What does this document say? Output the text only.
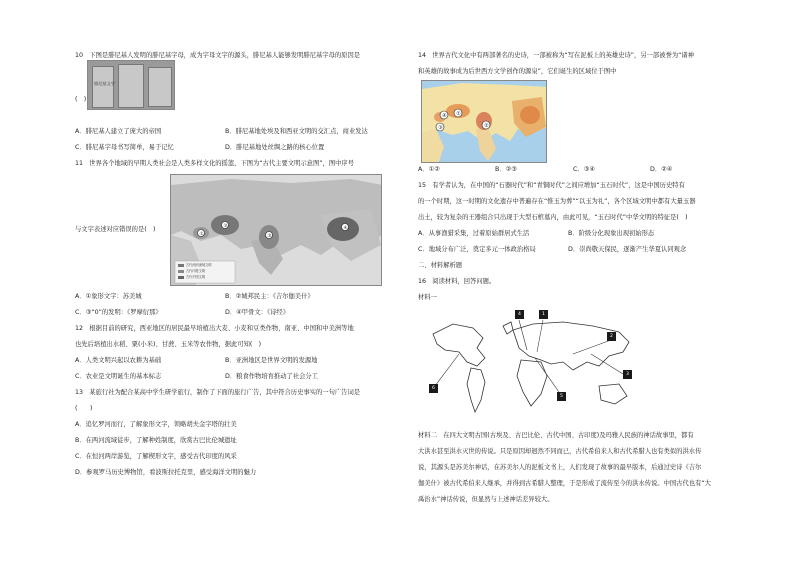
10　下图是腓尼基人发明的腓尼基字母，成为字母文字的源头，腓尼基人能够发明腓尼基字母的原因是
腓尼基文字
(　)
A．腓尼基人建立了庞大的帝国	B．腓尼基地处埃及和西亚文明的交汇点，商业发达
C．腓尼基字母书写简单，易于记忆	D．腓尼基地处丝绸之路的核心位置
11　世界各个地域的早期人类社会是人类多样文化的摇篮，下图为“古代主要文明示意图”，图中序号
③
②
④
①
古代两河流域文明
古代印度文明
古代中国文明
与文字表述对应错误的是(　)
A．①象形文字：苏美城	B．②城邦民主：《吉尔伽美什》
C．③“0”的发明：《罗摩衍那》	D．④甲骨文：《诗经》
12　根据目前的研究，西亚地区的居民最早培植出大麦、小麦和豆类作物，南亚、中国和中美洲等地
也先后培植出水稻、粟(小米)、甘蔗、玉米等农作物，据此可知(　)
A．人类文明兴起以农耕为基础	B．亚洲地区是世界文明的发源地
C．农业是文明诞生的基本标志	D．粮食作物培育推动了社会分工
13　某旅行社为配合某高中学生研学旅行，制作了下面的旅行广告，其中符合历史事实的一句广告词是
(　　)
A．追忆罗河而行，了解象形文字，领略胡夫金字塔的壮美
B．在两河流域徒步，了解种姓制度，欣赏古巴比伦城遗址
C．在恒河两岸游览，了解楔形文字，感受古代印度的风采
D．参观罗马历史博物馆，看波斯拉托克里，感受海洋文明的魅力
14　世界古代文化中有两部著名的史诗，一部被称为“写在泥板上的英雄史诗”，另一部被誉为“诸神
和英雄的故事成为后世西方文学创作的源泉”，它们诞生的区域位于图中
④ ①
③	②
A．①②	B．②③	C．③④	D．②④
15　有学者认为，在中国的“石器时代”和“青铜时代”之间应增加“玉石时代”，这是中国历史特有
的一个时期，这一时期的文化遗存中普遍存在“惟玉为葬”“以玉为礼”，各个区域文明中都有大量玉器
出土，较为复杂的王器组合只出现于大型石棺墓内，由此可见，“玉石时代”中华文明的特征是(　)
A．从事渔猎采集，过着原始群居式生活	B．阶级分化现象出现初始形态
C．地域分布广泛，奠定多元一体政治格局	D．崇尚敬天保民，逐渐产生华夏认同观念
二、材料解析题
16　阅读材料，回答问题。
材料一
4	1
2
3
6
5
材料二　在四大文明古国(古埃及、古巴比伦、古代中国、古印度)及玛雅人民族的神话故事里，都有
大洪水甚至洪水灭世的传说。只是原因却迥然不同而已，古代希伯来人和古代希腊人也有类似的洪水传
说，其源头是苏美尔神话，在苏美尔人的泥板文书上，人们发现了故事的最早版本，后通过史诗《吉尔
伽美什》被古代希伯来人继承，并得到古希腊人整理，于是形成了流传至今的洪水传说。中国古代也有“大
禹治水”神话传说，但显然与上述神话差异较大。
